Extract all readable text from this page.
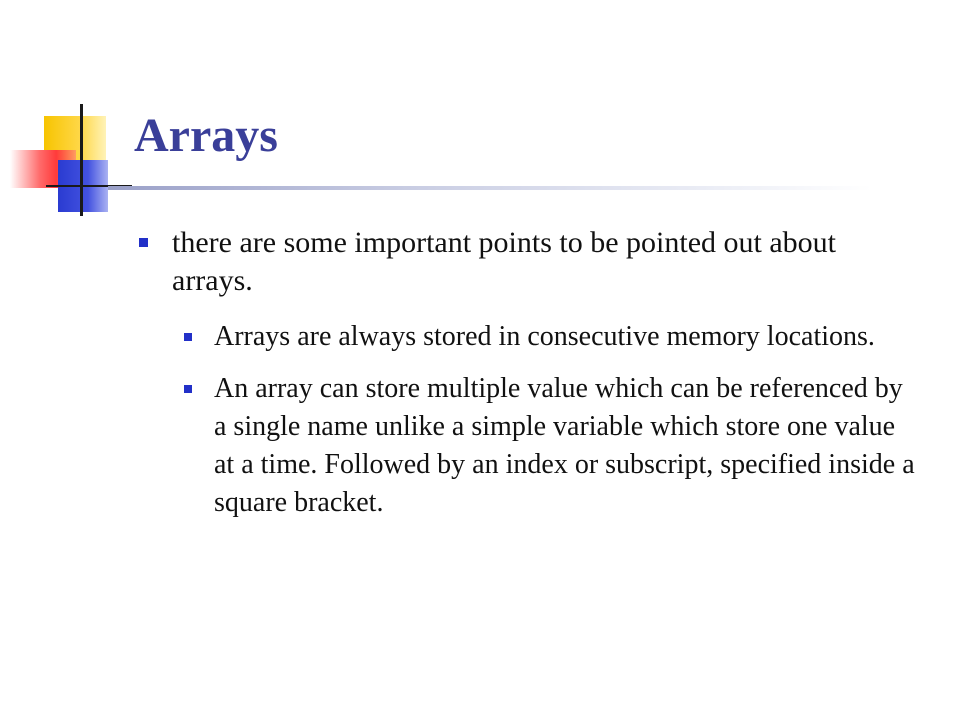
Arrays
there are some important points to be pointed out about arrays.
Arrays are always stored in consecutive memory locations.
An array can store multiple value which can be referenced by a single name unlike a simple variable which store one value at a time. Followed by an index or subscript, specified inside a square bracket.
